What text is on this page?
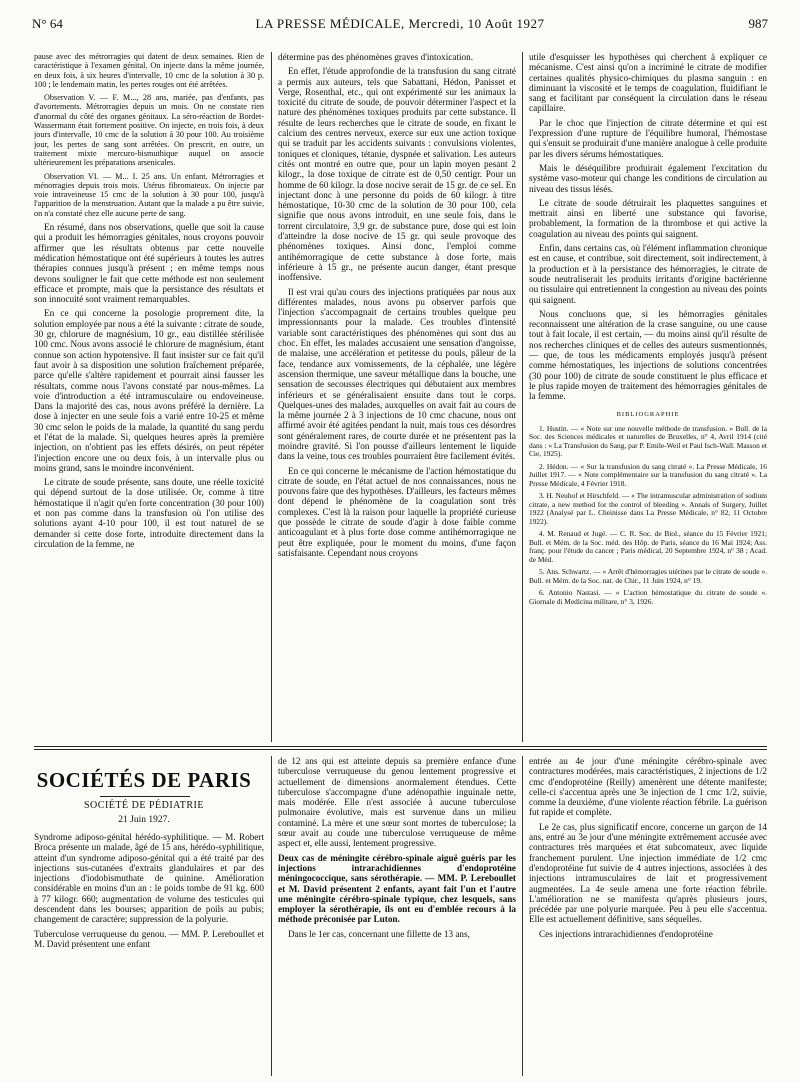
N° 64	LA PRESSE MÉDICALE, Mercredi, 10 Août 1927	987

pause avec des métrorragies qui datent de deux semaines. Rien de caractéristique à l'examen génital. On injecte dans la même journée, en deux fois, à six heures d'intervalle, 10 cmc de la solution à 30 p. 100 ; le lendemain matin, les pertes rouges ont été arrêtées.

Observation V. — F. M..., 28 ans, mariée, pas d'enfants, pas d'avortements. Métrorragies depuis un mois. On ne constate rien d'anormal du côté des organes génitaux. La séro-réaction de Bordet-Wassermann était fortement positive. On injecte, en trois fois, à deux jours d'intervalle, 10 cmc de la solution à 30 pour 100. Au troisième jour, les pertes de sang sont arrêtées. On prescrit, en outre, un traitement mixte mercuro-bismuthique auquel on associe ultérieurement les préparations arsenicales.

Observation VI. — M... I. 25 ans. Un enfant. Métrorragies et ménorragies depuis trois mois. Utérus fibromateux. On injecte par voie intraveineuse 15 cmc de la solution à 30 pour 100, jusqu'à l'apparition de la menstruation. Autant que la malade a pu être suivie, on n'a constaté chez elle aucune perte de sang.

En résumé, dans nos observations, quelle que soit la cause qui a produit les hémorragies génitales, nous croyons pouvoir affirmer que les résultats obtenus par cette nouvelle médication hémostatique ont été supérieurs à toutes les autres thérapies connues jusqu'à présent ; en même temps nous devons souligner le fait que cette méthode est non seulement efficace et prompte, mais que la persistance des résultats et son innocuité sont vraiment remarquables.

En ce qui concerne la posologie proprement dite, la solution employée par nous a été la suivante : citrate de soude, 30 gr, chlorure de magnésium, 10 gr., eau distillée stérilisée 100 cmc. Nous avons associé le chlorure de magnésium, étant connue son action hypotensive. Il faut insister sur ce fait qu'il faut avoir à sa disposition une solution fraîchement préparée, parce qu'elle s'altère rapidement et pourrait ainsi fausser les résultats, comme nous l'avons constaté par nous-mêmes. La voie d'introduction a été intramusculaire ou endoveineuse. Dans la majorité des cas, nous avons préféré la dernière. La dose à injecter en une seule fois a varié entre 10-25 et même 30 cmc selon le poids de la malade, la quantité du sang perdu et l'état de la malade. Si, quelques heures après la première injection, on n'obtient pas les effets désirés, on peut répéter l'injection encore une ou deux fois, à un intervalle plus ou moins grand, sans le moindre inconvénient.

Le citrate de soude présente, sans doute, une réelle toxicité qui dépend surtout de la dose utilisée. Or, comme à titre hémostatique il n'agit qu'en forte concentration (30 pour 100) et non pas comme dans la transfusion où l'on utilise des solutions ayant 4-10 pour 100, il est tout naturel de se demander si cette dose forte, introduite directement dans la circulation de la femme, ne

détermine pas des phénomènes graves d'intoxication.

En effet, l'étude approfondie de la transfusion du sang citraté a permis aux auteurs, tels que Sabattani, Hédon, Panisset et Verge, Rosenthal, etc., qui ont expérimenté sur les animaux la toxicité du citrate de soude, de pouvoir déterminer l'aspect et la nature des phénomènes toxiques produits par cette substance. Il résulte de leurs recherches que le citrate de soude, en fixant le calcium des centres nerveux, exerce sur eux une action toxique qui se traduit par les accidents suivants : convulsions violentes, toniques et cloniques, tétanie, dyspnée et salivation. Les auteurs cités ont montré en outre que, pour un lapin moyen pesant 2 kilogr., la dose toxique de citrate est de 0,50 centigr. Pour un homme de 60 kilogr. la dose nocive serait de 15 gr. de ce sel. En injectant donc à une personne du poids de 60 kilogr. à titre hémostatique, 10-30 cmc de la solution de 30 pour 100, cela signifie que nous avons introduit, en une seule fois, dans le torrent circulatoire, 3,9 gr. de substance pure, dose qui est loin d'atteindre la dose nocive de 15 gr. qui seule provoque des phénomènes toxiques. Ainsi donc, l'emploi comme antihémorragique de cette substance à dose forte, mais inférieure à 15 gr., ne présente aucun danger, étant presque inoffensive.

Il est vrai qu'au cours des injections pratiquées par nous aux différentes malades, nous avons pu observer parfois que l'injection s'accompagnait de certains troubles quelque peu impressionnants pour la malade. Ces troubles d'intensité variable sont caractéristiques des phénomènes qui sont dus au choc. En effet, les malades accusaient une sensation d'angoisse, de malaise, une accélération et petitesse du pouls, pâleur de la face, tendance aux vomissements, de la céphalée, une légère ascension thermique, une saveur métallique dans la bouche, une sensation de secousses électriques qui débutaient aux membres inférieurs et se généralisaient ensuite dans tout le corps. Quelques-unes des malades, auxquelles on avait fait au cours de la même journée 2 à 3 injections de 10 cmc chacune, nous ont affirmé avoir été agitées pendant la nuit, mais tous ces désordres sont généralement rares, de courte durée et ne présentent pas la moindre gravité. Si l'on pousse d'ailleurs lentement le liquide dans la veine, tous ces troubles pourraient être facilement évités.

En ce qui concerne le mécanisme de l'action hémostatique du citrate de soude, en l'état actuel de nos connaissances, nous ne pouvons faire que des hypothèses. D'ailleurs, les facteurs mêmes dont dépend le phénomène de la coagulation sont très complexes. C'est là la raison pour laquelle la propriété curieuse que possède le citrate de soude d'agir à dose faible comme anticoagulant et à plus forte dose comme antihémorragique ne peut être expliquée, pour le moment du moins, d'une façon satisfaisante. Cependant nous croyons

utile d'esquisser les hypothèses qui cherchent à expliquer ce mécanisme. C'est ainsi qu'on a incriminé le citrate de modifier certaines qualités physico-chimiques du plasma sanguin : en diminuant la viscosité et le temps de coagulation, fluidifiant le sang et facilitant par conséquent la circulation dans le réseau capillaire.

Par le choc que l'injection de citrate détermine et qui est l'expression d'une rupture de l'équilibre humoral, l'hémostase qui s'ensuit se produirait d'une manière analogue à celle produite par les divers sérums hémostatiques.

Mais le déséquilibre produirait également l'excitation du système vaso-moteur qui change les conditions de circulation au niveau des tissus lésés.

Le citrate de soude détruirait les plaquettes sanguines et mettrait ainsi en liberté une substance qui favorise, probablement, la formation de la thrombose et qui active la coagulation au niveau des points qui saignent.

Enfin, dans certains cas, où l'élément inflammation chronique est en cause, et contribue, soit directement, soit indirectement, à la production et à la persistance des hémorragies, le citrate de soude neutraliserait les produits irritants d'origine bactérienne ou tissulaire qui entretiennent la congestion au niveau des points qui saignent.

Nous concluons que, si les hémorragies génitales reconnaissent une altération de la crase sanguine, ou une cause tout à fait locale, il est certain, — du moins ainsi qu'il résulte de nos recherches cliniques et de celles des auteurs susmentionnés, — que, de tous les médicaments employés jusqu'à présent comme hémostatiques, les injections de solutions concentrées (30 pour 100) de citrate de soude constituent le plus efficace et le plus rapide moyen de traitement des hémorragies génitales de la femme.

BIBLIOGRAPHIE

1. Hustin. — « Note sur une nouvelle méthode de transfusion. » Bull. de la Soc. des Sciences médicales et naturelles de Bruxelles, n° 4, Avril 1914 (cité dans : « La Transfusion du Sang, par P. Emile-Weil et Paul Isch-Wall. Masson et Cie, 1925).

2. Hédon. — « Sur la transfusion du sang citraté ». La Presse Médicale, 16 Juillet 1917. — « Note complémentaire sur la transfusion du sang citraté ». La Presse Médicale, 4 Février 1918.

3. H. Neuhof et Hirschfeld. — « The intramuscular administration of sodium citrate, a new method for the control of bleeding ». Annals of Surgery, Juillet 1922 (Analysé par L. Cheinisse dans La Presse Médicale, n° 82, 11 Octobre 1922).

4. M. Renaud et Jugé. — C. R. Soc. de Biol., séance du 15 Février 1921; Bull. et Mém. de la Soc. méd. des Hôp. de Paris, séance du 16 Mai 1924; Ass. franç. pour l'étude du cancer ; Paris médical, 20 Septembre 1924, n° 38 ; Acad. de Méd.

5. Ans. Schwartz. — « Arrêt d'hémorragies utérines par le citrate de soude ». Bull. et Mém. de la Soc. nat. de Chir., 11 Juin 1924, n° 19.

6. Antonio Nastasi. — « L'action hémostatique du citrate de soude ». Giornale di Medicina militare, n° 3, 1926.

SOCIÉTÉS DE PARIS
SOCIÉTÉ DE PÉDIATRIE
21 Juin 1927.

Syndrome adiposo-génital hérédo-syphilitique. — M. Robert Broca présente un malade, âgé de 15 ans, hérédo-syphilitique, atteint d'un syndrome adiposo-génital qui a été traité par des injections sus-cutanées d'extraits glandulaires et par des injections d'iodobismuthate de quinine. Amélioration considérable en moins d'un an : le poids tombe de 91 kg. 600 à 77 kilogr. 660; augmentation de volume des testicules qui descendent dans les bourses; apparition de poils au pubis; changement de caractère; suppression de la polyurie.

Tuberculose verruqueuse du genou. — MM. P. Lereboullet et M. David présentent une enfant

de 12 ans qui est atteinte depuis sa première enfance d'une tuberculose verruqueuse du genou lentement progressive et actuellement de dimensions anormalement étendues. Cette tuberculose s'accompagne d'une adénopathie inguinale nette, mais modérée. Elle n'est associée à aucune tuberculose pulmonaire évolutive, mais est survenue dans un milieu contaminé. La mère et une sœur sont mortes de tuberculose; la sœur avait au coude une tuberculose verruqueuse de même aspect et, elle aussi, lentement progressive.

Deux cas de méningite cérébro-spinale aiguë guéris par les injections intrarachidiennes d'endoprotéine méningococcique, sans sérothérapie. — MM. P. Lereboullet et M. David présentent 2 enfants, ayant fait l'un et l'autre une méningite cérébro-spinale typique, chez lesquels, sans employer la sérothérapie, ils ont eu d'emblée recours à la méthode préconisée par Luton.

Dans le 1er cas, concernant une fillette de 13 ans,

entrée au 4e jour d'une méningite cérébro-spinale avec contractures modérées, mais caractéristiques, 2 injections de 1/2 cmc d'endoprotéine (Reilly) amenèrent une détente manifeste; celle-ci s'accentua après une 3e injection de 1 cmc 1/2, suivie, comme la deuxième, d'une violente réaction fébrile. La guérison fut rapide et complète.

Le 2e cas, plus significatif encore, concerne un garçon de 14 ans, entré au 3e jour d'une méningite extrêmement accusée avec contractures très marquées et état subcomateux, avec liquide franchement purulent. Une injection immédiate de 1/2 cmc d'endoprotéine fut suivie de 4 autres injections, associées à des injections intramusculaires de lait et progressivement augmentées. La 4e seule amena une forte réaction fébrile. L'amélioration ne se manifesta qu'après plusieurs jours, précédée par une polyurie marquée. Peu à peu elle s'accentua. Elle est actuellement définitive, sans séquelles.

Ces injections intrarachidiennes d'endoprotéine
